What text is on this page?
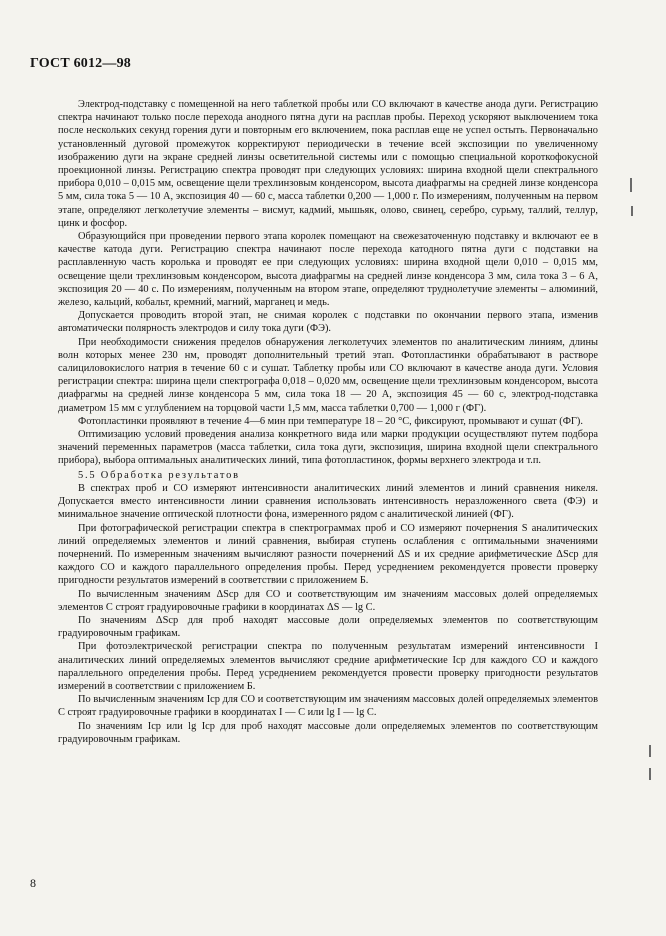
ГОСТ 6012—98

Электрод-подставку с помещенной на него таблеткой пробы или СО включают в качестве анода дуги. Регистрацию спектра начинают только после перехода анодного пятна дуги на расплав пробы. Переход ускоряют выключением тока после нескольких секунд горения дуги и повторным его включением, пока расплав еще не успел остыть. Первоначально установленный дуговой промежуток корректируют периодически в течение всей экспозиции по увеличенному изображению дуги на экране средней линзы осветительной системы или с помощью специальной короткофокусной проекционной линзы. Регистрацию спектра проводят при следующих условиях: ширина входной щели спектрального прибора 0,010 – 0,015 мм, освещение щели трехлинзовым конденсором, высота диафрагмы на средней линзе конденсора 5 мм, сила тока 5 — 10 А, экспозиция 40 — 60 с, масса таблетки 0,200 — 1,000 г. По измерениям, полученным на первом этапе, определяют легколетучие элементы – висмут, кадмий, мышьяк, олово, свинец, серебро, сурьму, таллий, теллур, цинк и фосфор.

Образующийся при проведении первого этапа королек помещают на свежезаточенную подставку и включают ее в качестве катода дуги. Регистрацию спектра начинают после перехода катодного пятна дуги с подставки на расплавленную часть королька и проводят ее при следующих условиях: ширина входной щели 0,010 – 0,015 мм, освещение щели трехлинзовым конденсором, высота диафрагмы на средней линзе конденсора 3 мм, сила тока 3 – 6 А, экспозиция 20 — 40 с. По измерениям, полученным на втором этапе, определяют труднолетучие элементы – алюминий, железо, кальций, кобальт, кремний, магний, марганец и медь.

Допускается проводить второй этап, не снимая королек с подставки по окончании первого этапа, изменив автоматически полярность электродов и силу тока дуги (ФЭ).

При необходимости снижения пределов обнаружения легколетучих элементов по аналитическим линиям, длины волн которых менее 230 нм, проводят дополнительный третий этап. Фотопластинки обрабатывают в растворе салициловокислого натрия в течение 60 с и сушат. Таблетку пробы или СО включают в качестве анода дуги. Условия регистрации спектра: ширина щели спектрографа 0,018 – 0,020 мм, освещение щели трехлинзовым конденсором, высота диафрагмы на средней линзе конденсора 5 мм, сила тока 18 — 20 А, экспозиция 45 — 60 с, электрод-подставка диаметром 15 мм с углублением на торцовой части 1,5 мм, масса таблетки 0,700 — 1,000 г (ФГ).

Фотопластинки проявляют в течение 4—6 мин при температуре 18 – 20 °С, фиксируют, промывают и сушат (ФГ).

Оптимизацию условий проведения анализа конкретного вида или марки продукции осуществляют путем подбора значений переменных параметров (масса таблетки, сила тока дуги, экспозиция, ширина входной щели спектрального прибора), выбора оптимальных аналитических линий, типа фотопластинок, формы верхнего электрода и т.п.

5.5 Обработка результатов

В спектрах проб и СО измеряют интенсивности аналитических линий элементов и линий сравнения никеля. Допускается вместо интенсивности линии сравнения использовать интенсивность неразложенного света (ФЭ) и минимальное значение оптической плотности фона, измеренного рядом с аналитической линией (ФГ).

При фотографической регистрации спектра в спектрограммах проб и СО измеряют почернения S аналитических линий определяемых элементов и линий сравнения, выбирая ступень ослабления с оптимальными значениями почернений. По измеренным значениям вычисляют разности почернений ΔS и их средние арифметические ΔSср для каждого СО и каждого параллельного определения пробы. Перед усреднением рекомендуется провести проверку пригодности результатов измерений в соответствии с приложением Б.

По вычисленным значениям ΔSср для СО и соответствующим им значениям массовых долей определяемых элементов С строят градуировочные графики в координатах ΔS — lg С.

По значениям ΔSср для проб находят массовые доли определяемых элементов по соответствующим градуировочным графикам.

При фотоэлектрической регистрации спектра по полученным результатам измерений интенсивности I аналитических линий определяемых элементов вычисляют средние арифметические Iср для каждого СО и каждого параллельного определения пробы. Перед усреднением рекомендуется провести проверку пригодности результатов измерений в соответствии с приложением Б.

По вычисленным значениям Iср для СО и соответствующим им значениям массовых долей определяемых элементов С строят градуировочные графики в координатах I — С или lg I — lg С.

По значениям Iср или lg Iср для проб находят массовые доли определяемых элементов по соответствующим градуировочным графикам.

8
